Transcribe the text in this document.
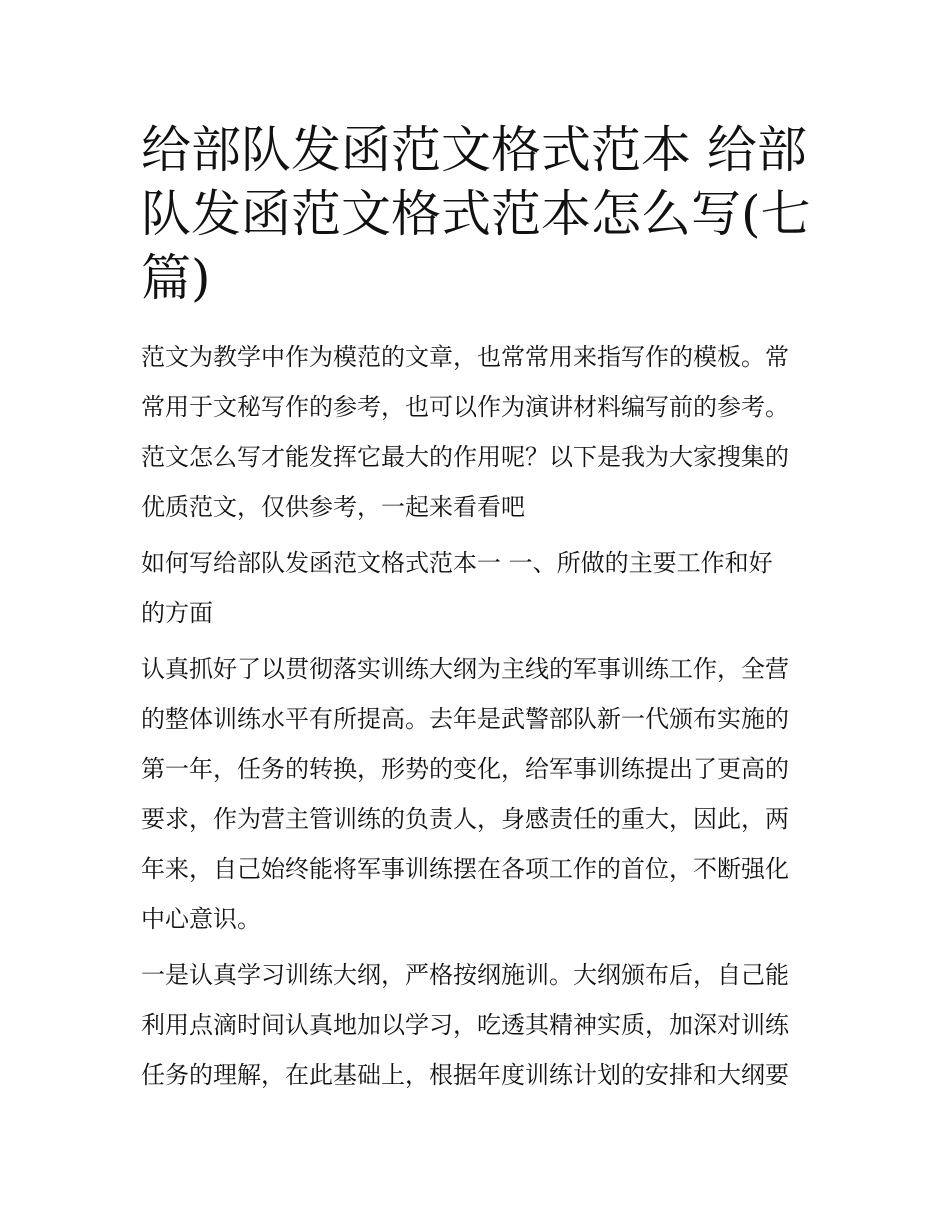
给部队发函范文格式范本 给部
队发函范文格式范本怎么写(七
篇)

范文为教学中作为模范的文章，也常常用来指写作的模板。常
常用于文秘写作的参考，也可以作为演讲材料编写前的参考。
范文怎么写才能发挥它最大的作用呢？以下是我为大家搜集的
优质范文，仅供参考，一起来看看吧

如何写给部队发函范文格式范本一 一、所做的主要工作和好
的方面

认真抓好了以贯彻落实训练大纲为主线的军事训练工作，全营
的整体训练水平有所提高。去年是武警部队新一代颁布实施的
第一年，任务的转换，形势的变化，给军事训练提出了更高的
要求，作为营主管训练的负责人，身感责任的重大，因此，两
年来，自己始终能将军事训练摆在各项工作的首位，不断强化
中心意识。

一是认真学习训练大纲，严格按纲施训。大纲颁布后，自己能
利用点滴时间认真地加以学习，吃透其精神实质，加深对训练
任务的理解，在此基础上，根据年度训练计划的安排和大纲要
